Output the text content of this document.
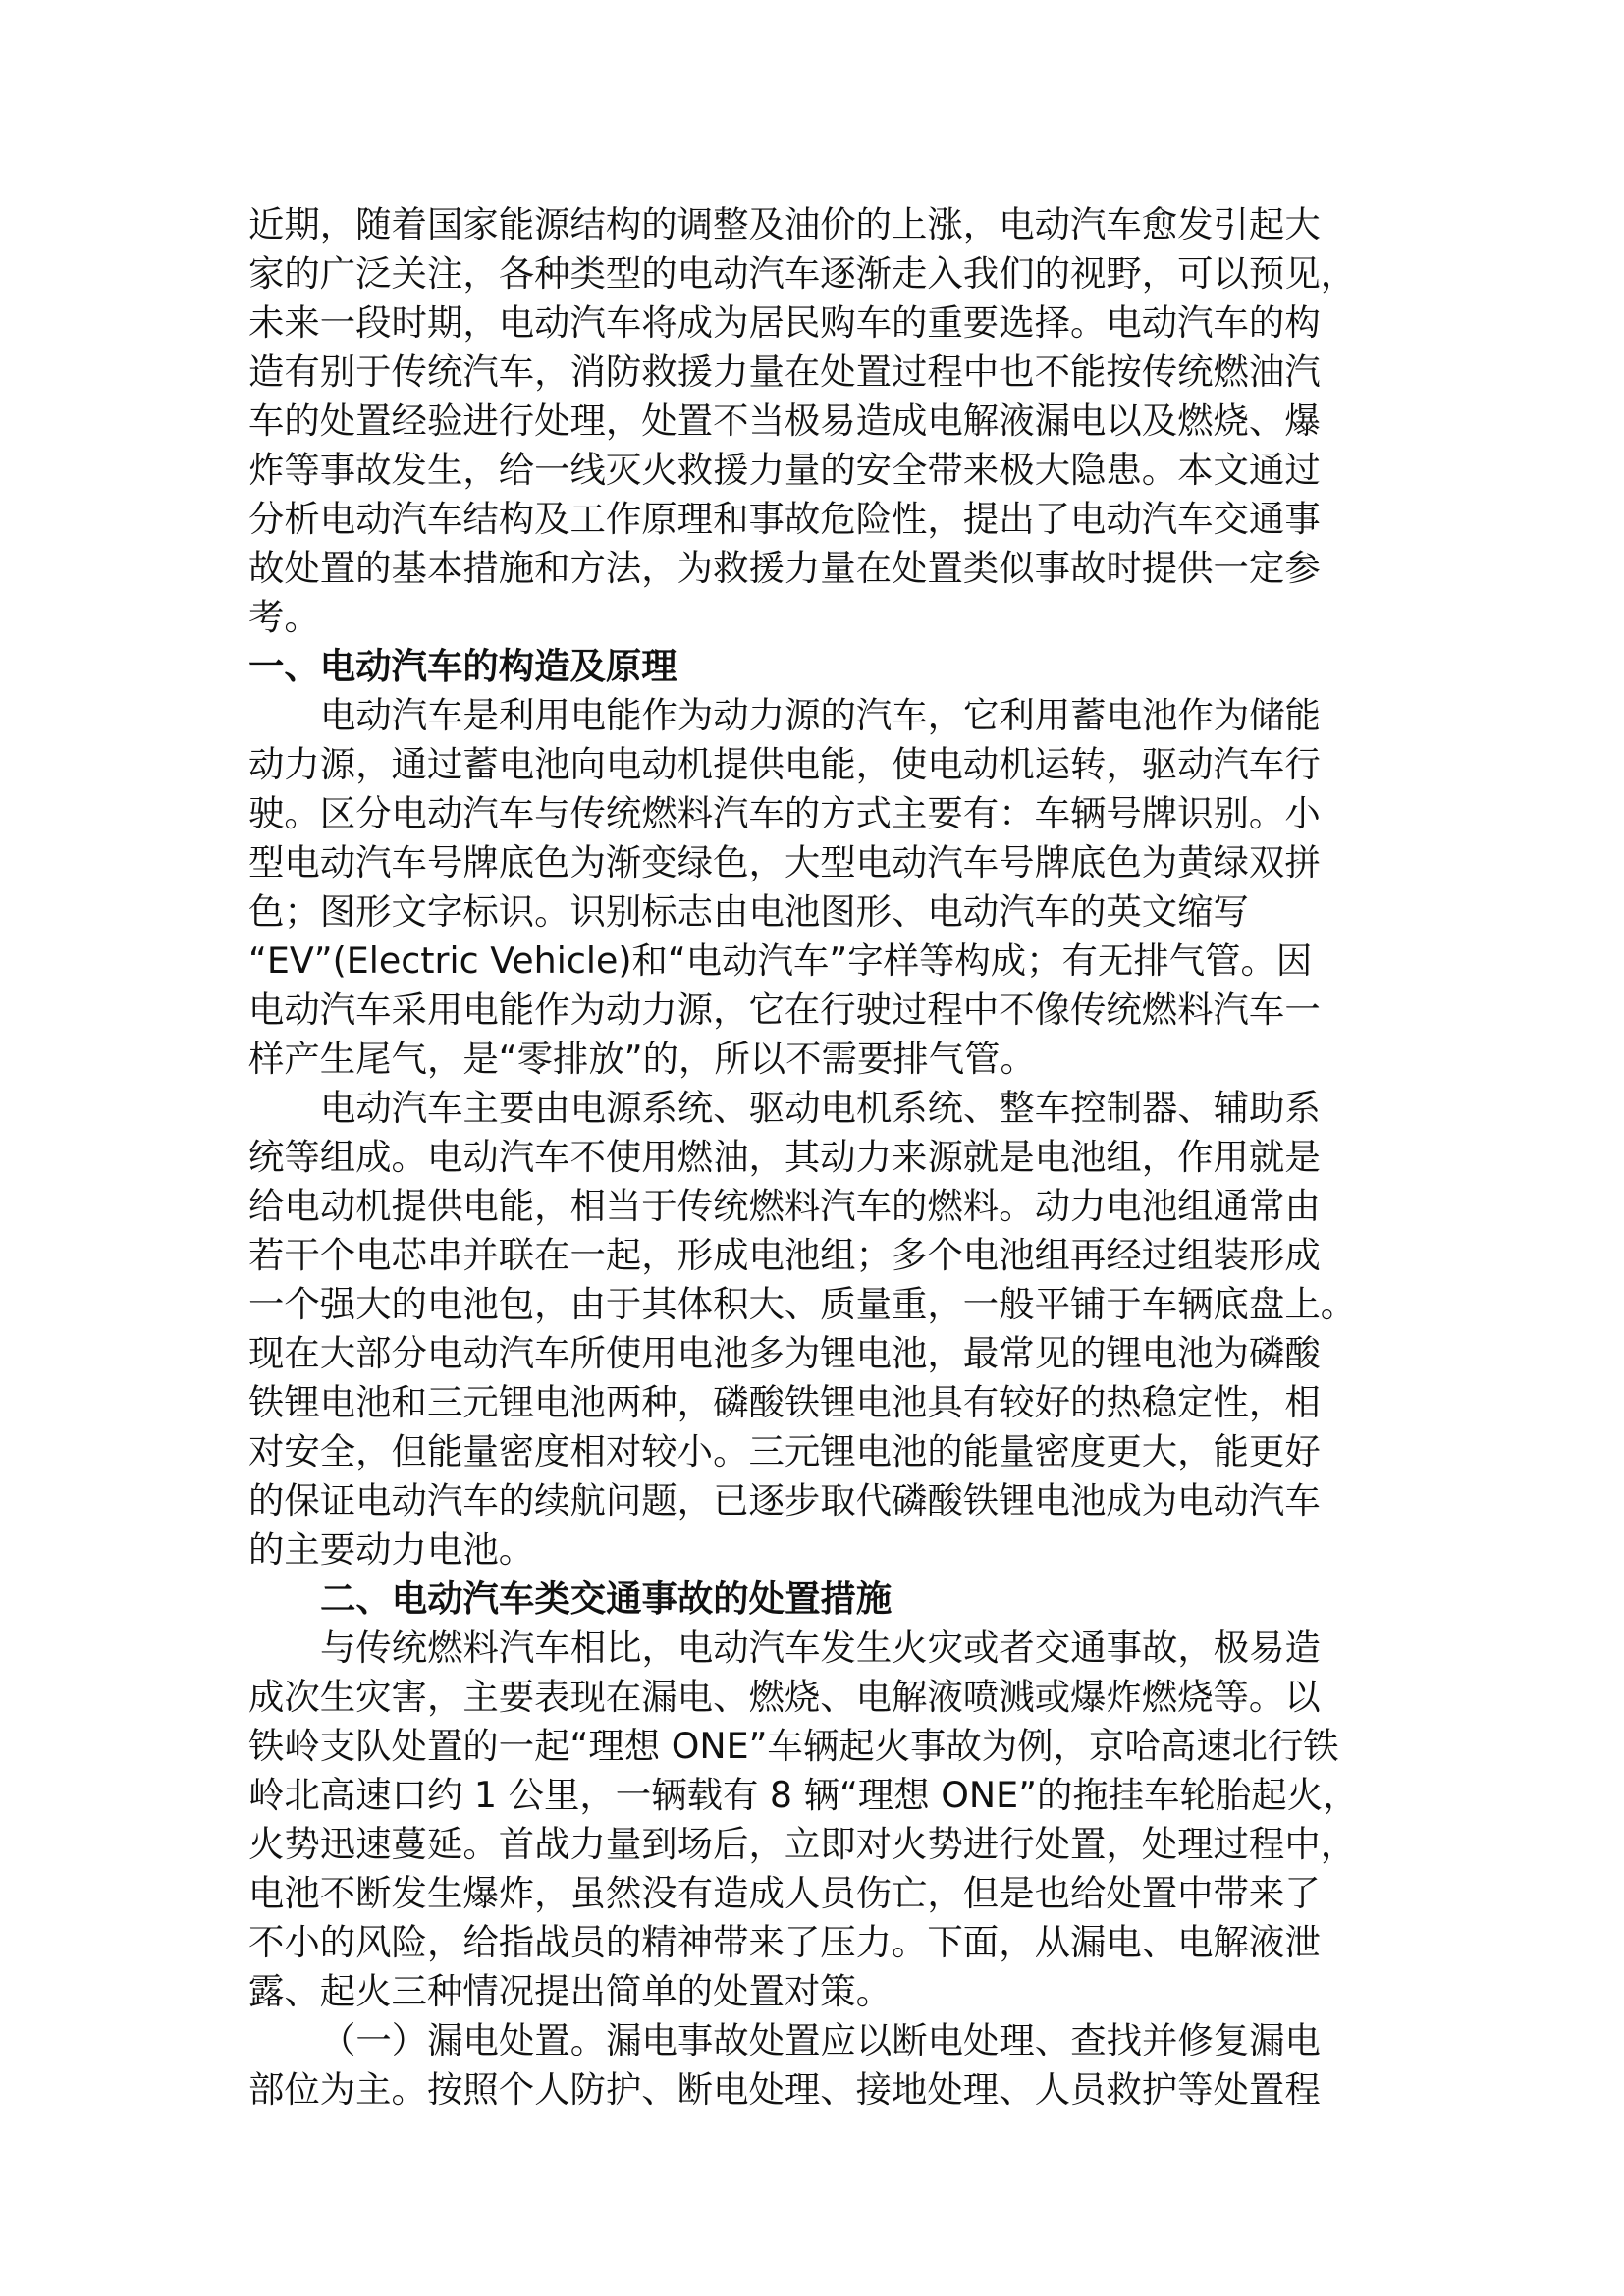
近期，随着国家能源结构的调整及油价的上涨，电动汽车愈发引起大
家的广泛关注，各种类型的电动汽车逐渐走入我们的视野，可以预见，
未来一段时期，电动汽车将成为居民购车的重要选择。电动汽车的构
造有别于传统汽车，消防救援力量在处置过程中也不能按传统燃油汽
车的处置经验进行处理，处置不当极易造成电解液漏电以及燃烧、爆
炸等事故发生，给一线灭火救援力量的安全带来极大隐患。本文通过
分析电动汽车结构及工作原理和事故危险性，提出了电动汽车交通事
故处置的基本措施和方法，为救援力量在处置类似事故时提供一定参
考。
一、电动汽车的构造及原理
电动汽车是利用电能作为动力源的汽车，它利用蓄电池作为储能
动力源，通过蓄电池向电动机提供电能，使电动机运转，驱动汽车行
驶。区分电动汽车与传统燃料汽车的方式主要有：车辆号牌识别。小
型电动汽车号牌底色为渐变绿色，大型电动汽车号牌底色为黄绿双拼
色；图形文字标识。识别标志由电池图形、电动汽车的英文缩写
“EV”(Electric Vehicle)和“电动汽车”字样等构成；有无排气管。因
电动汽车采用电能作为动力源，它在行驶过程中不像传统燃料汽车一
样产生尾气，是“零排放”的，所以不需要排气管。
电动汽车主要由电源系统、驱动电机系统、整车控制器、辅助系
统等组成。电动汽车不使用燃油，其动力来源就是电池组，作用就是
给电动机提供电能，相当于传统燃料汽车的燃料。动力电池组通常由
若干个电芯串并联在一起，形成电池组；多个电池组再经过组装形成
一个强大的电池包，由于其体积大、质量重，一般平铺于车辆底盘上。
现在大部分电动汽车所使用电池多为锂电池，最常见的锂电池为磷酸
铁锂电池和三元锂电池两种，磷酸铁锂电池具有较好的热稳定性，相
对安全，但能量密度相对较小。三元锂电池的能量密度更大，能更好
的保证电动汽车的续航问题，已逐步取代磷酸铁锂电池成为电动汽车
的主要动力电池。
二、电动汽车类交通事故的处置措施
与传统燃料汽车相比，电动汽车发生火灾或者交通事故，极易造
成次生灾害，主要表现在漏电、燃烧、电解液喷溅或爆炸燃烧等。以
铁岭支队处置的一起“理想 ONE”车辆起火事故为例，京哈高速北行铁
岭北高速口约 1 公里，一辆载有 8 辆“理想 ONE”的拖挂车轮胎起火，
火势迅速蔓延。首战力量到场后，立即对火势进行处置，处理过程中，
电池不断发生爆炸，虽然没有造成人员伤亡，但是也给处置中带来了
不小的风险，给指战员的精神带来了压力。下面，从漏电、电解液泄
露、起火三种情况提出简单的处置对策。
（一）漏电处置。漏电事故处置应以断电处理、查找并修复漏电
部位为主。按照个人防护、断电处理、接地处理、人员救护等处置程
